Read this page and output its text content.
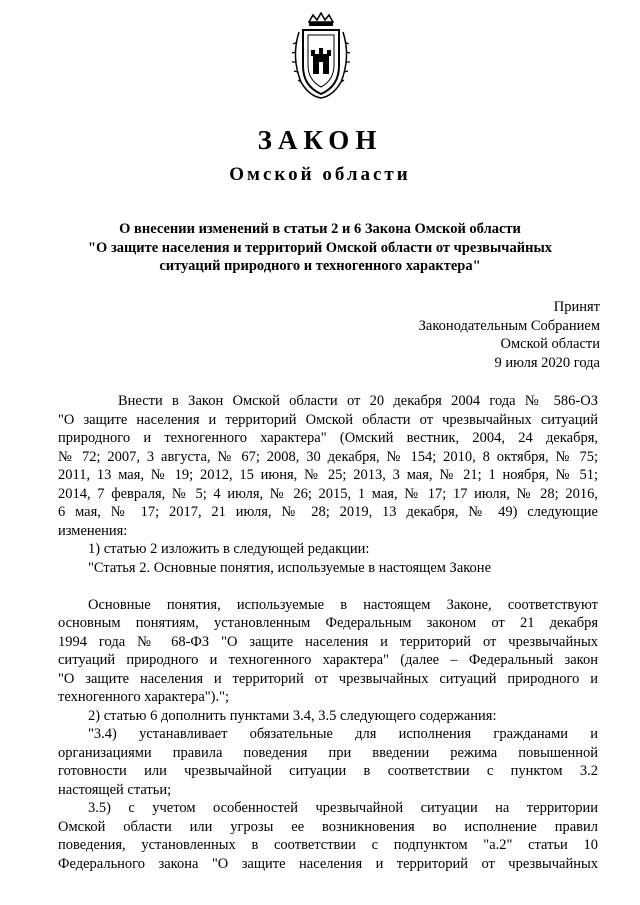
ЗАКОН
Омской области
О внесении изменений в статьи 2 и 6 Закона Омской области
"О защите населения и территорий Омской области от чрезвычайных
ситуаций природного и техногенного характера"
Принят
Законодательным Собранием
Омской области
9 июля 2020 года
Внести в Закон Омской области от 20 декабря 2004 года № 586-ОЗ
"О защите населения и территорий Омской области от чрезвычайных ситуаций
природного и техногенного характера" (Омский вестник, 2004, 24 декабря,
№ 72; 2007, 3 августа, № 67; 2008, 30 декабря, № 154; 2010, 8 октября, № 75;
2011, 13 мая, № 19; 2012, 15 июня, № 25; 2013, 3 мая, № 21; 1 ноября, № 51;
2014, 7 февраля, № 5; 4 июля, № 26; 2015, 1 мая, № 17; 17 июля, № 28; 2016,
6 мая, № 17; 2017, 21 июля, № 28; 2019, 13 декабря, № 49) следующие
изменения:
1) статью 2 изложить в следующей редакции:
"Статья 2. Основные понятия, используемые в настоящем Законе
Основные понятия, используемые в настоящем Законе, соответствуют
основным понятиям, установленным Федеральным законом от 21 декабря
1994 года № 68-ФЗ "О защите населения и территорий от чрезвычайных
ситуаций природного и техногенного характера" (далее – Федеральный закон
"О защите населения и территорий от чрезвычайных ситуаций природного и
техногенного характера").";
2) статью 6 дополнить пунктами 3.4, 3.5 следующего содержания:
"3.4) устанавливает обязательные для исполнения гражданами и
организациями правила поведения при введении режима повышенной
готовности или чрезвычайной ситуации в соответствии с пунктом 3.2
настоящей статьи;
3.5) с учетом особенностей чрезвычайной ситуации на территории
Омской области или угрозы ее возникновения во исполнение правил
поведения, установленных в соответствии с подпунктом "а.2" статьи 10
Федерального закона "О защите населения и территорий от чрезвычайных
